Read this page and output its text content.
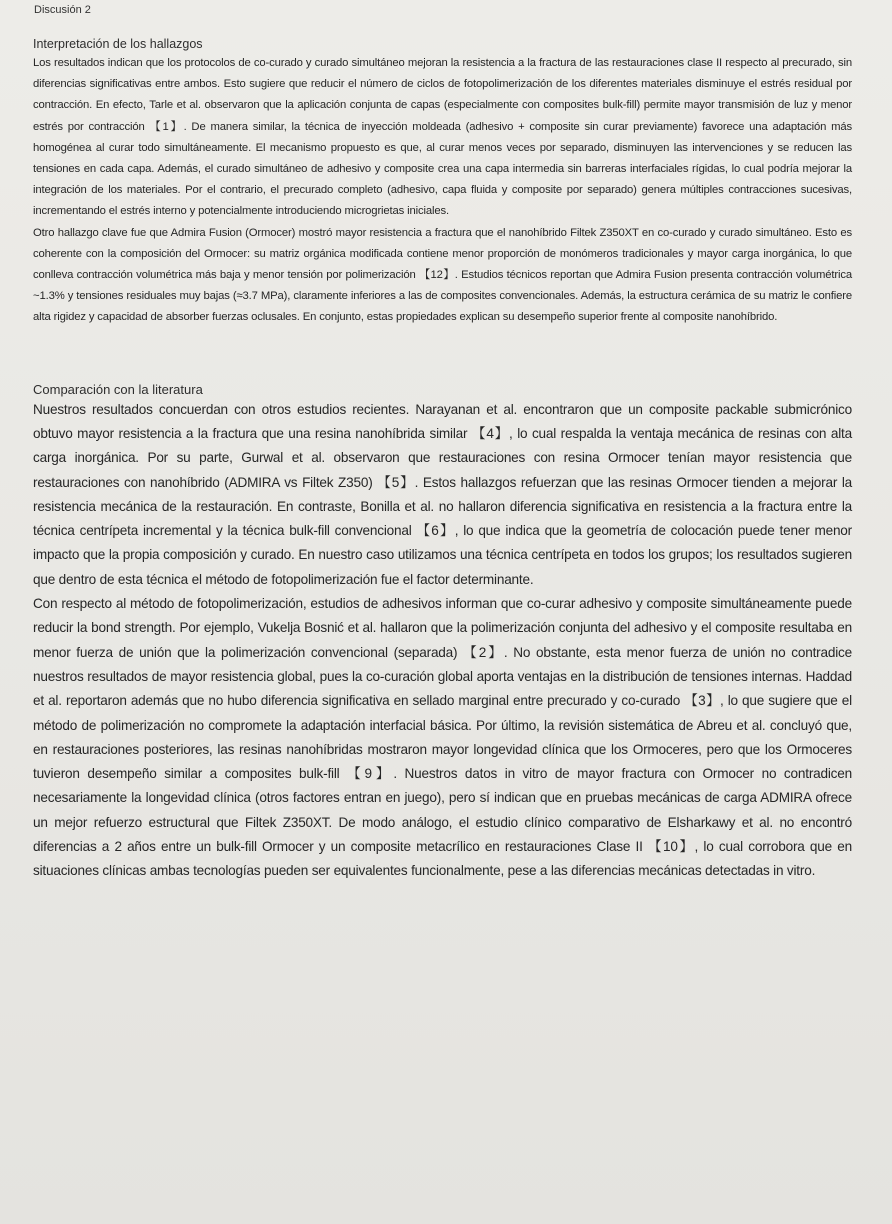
Discusión 2
Interpretación de los hallazgos

Los resultados indican que los protocolos de co-curado y curado simultáneo mejoran la resistencia a la fractura de las restauraciones clase II respecto al precurado, sin diferencias significativas entre ambos. Esto sugiere que reducir el número de ciclos de fotopolimerización de los diferentes materiales disminuye el estrés residual por contracción. En efecto, Tarle et al. observaron que la aplicación conjunta de capas (especialmente con composites bulk-fill) permite mayor transmisión de luz y menor estrés por contracción 【1】. De manera similar, la técnica de inyección moldeada (adhesivo + composite sin curar previamente) favorece una adaptación más homogénea al curar todo simultáneamente. El mecanismo propuesto es que, al curar menos veces por separado, disminuyen las intervenciones y se reducen las tensiones en cada capa. Además, el curado simultáneo de adhesivo y composite crea una capa intermedia sin barreras interfaciales rígidas, lo cual podría mejorar la integración de los materiales. Por el contrario, el precurado completo (adhesivo, capa fluida y composite por separado) genera múltiples contracciones sucesivas, incrementando el estrés interno y potencialmente introduciendo microgrietas iniciales.

Otro hallazgo clave fue que Admira Fusion (Ormocer) mostró mayor resistencia a fractura que el nanohíbrido Filtek Z350XT en co-curado y curado simultáneo. Esto es coherente con la composición del Ormocer: su matriz orgánica modificada contiene menor proporción de monómeros tradicionales y mayor carga inorgánica, lo que conlleva contracción volumétrica más baja y menor tensión por polimerización 【12】. Estudios técnicos reportan que Admira Fusion presenta contracción volumétrica ~1.3% y tensiones residuales muy bajas (≈3.7 MPa), claramente inferiores a las de composites convencionales. Además, la estructura cerámica de su matriz le confiere alta rigidez y capacidad de absorber fuerzas oclusales. En conjunto, estas propiedades explican su desempeño superior frente al composite nanohíbrido.

Comparación con la literatura

Nuestros resultados concuerdan con otros estudios recientes. Narayanan et al. encontraron que un composite packable submicrónico obtuvo mayor resistencia a la fractura que una resina nanohíbrida similar 【4】, lo cual respalda la ventaja mecánica de resinas con alta carga inorgánica. Por su parte, Gurwal et al. observaron que restauraciones con resina Ormocer tenían mayor resistencia que restauraciones con nanohíbrido (ADMIRA vs Filtek Z350) 【5】. Estos hallazgos refuerzan que las resinas Ormocer tienden a mejorar la resistencia mecánica de la restauración. En contraste, Bonilla et al. no hallaron diferencia significativa en resistencia a la fractura entre la técnica centrípeta incremental y la técnica bulk-fill convencional 【6】, lo que indica que la geometría de colocación puede tener menor impacto que la propia composición y curado. En nuestro caso utilizamos una técnica centrípeta en todos los grupos; los resultados sugieren que dentro de esta técnica el método de fotopolimerización fue el factor determinante.

Con respecto al método de fotopolimerización, estudios de adhesivos informan que co-curar adhesivo y composite simultáneamente puede reducir la bond strength. Por ejemplo, Vukelja Bosnić et al. hallaron que la polimerización conjunta del adhesivo y el composite resultaba en menor fuerza de unión que la polimerización convencional (separada) 【2】. No obstante, esta menor fuerza de unión no contradice nuestros resultados de mayor resistencia global, pues la co-curación global aporta ventajas en la distribución de tensiones internas. Haddad et al. reportaron además que no hubo diferencia significativa en sellado marginal entre precurado y co-curado 【3】, lo que sugiere que el método de polimerización no compromete la adaptación interfacial básica. Por último, la revisión sistemática de Abreu et al. concluyó que, en restauraciones posteriores, las resinas nanohíbridas mostraron mayor longevidad clínica que los Ormoceres, pero que los Ormoceres tuvieron desempeño similar a composites bulk-fill 【9】. Nuestros datos in vitro de mayor fractura con Ormocer no contradicen necesariamente la longevidad clínica (otros factores entran en juego), pero sí indican que en pruebas mecánicas de carga ADMIRA ofrece un mejor refuerzo estructural que Filtek Z350XT. De modo análogo, el estudio clínico comparativo de Elsharkawy et al. no encontró diferencias a 2 años entre un bulk-fill Ormocer y un composite metacrílico en restauraciones Clase II 【10】, lo cual corrobora que en situaciones clínicas ambas tecnologías pueden ser equivalentes funcionalmente, pese a las diferencias mecánicas detectadas in vitro.
